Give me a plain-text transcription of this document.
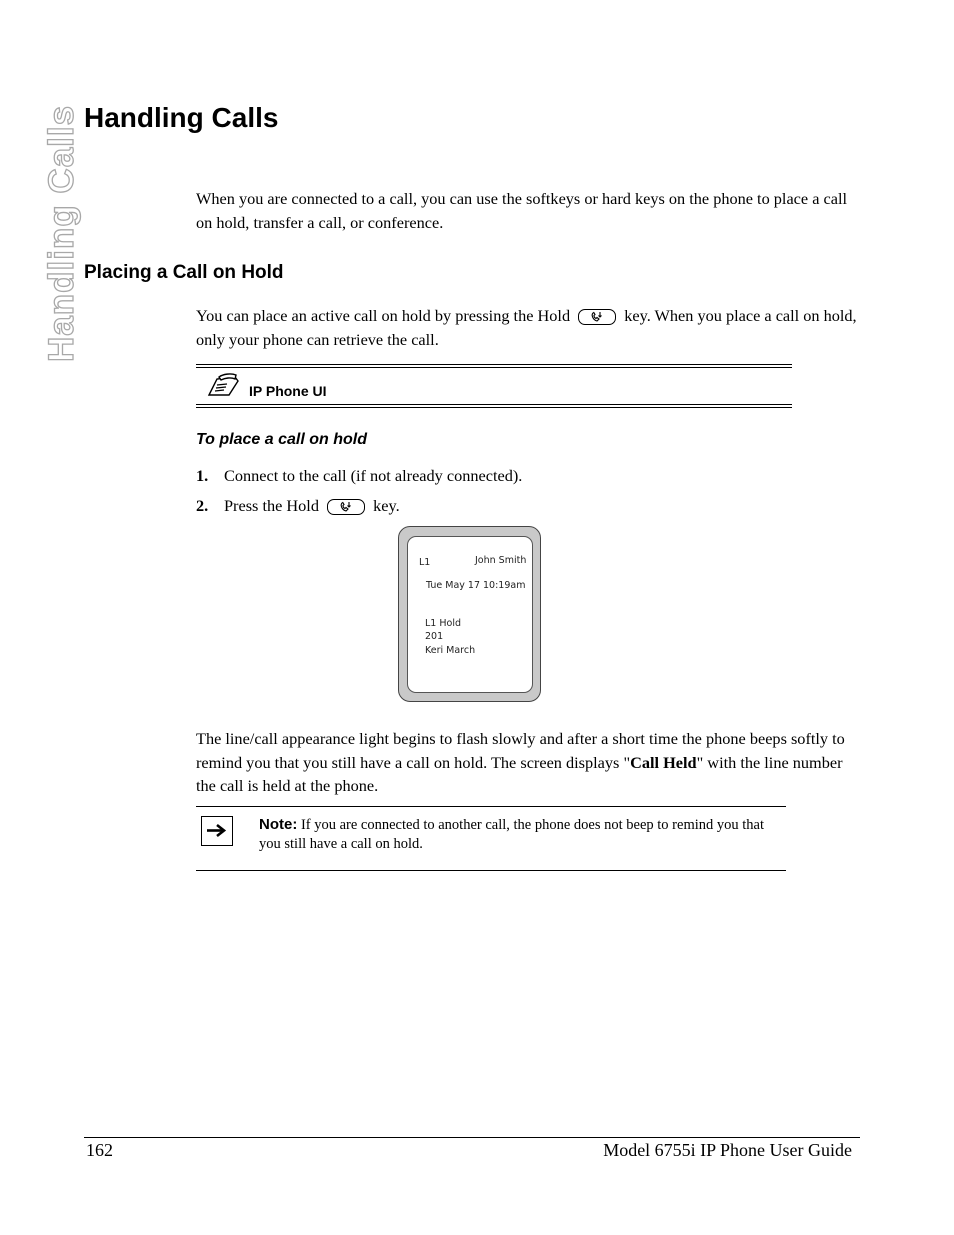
Handling Calls Handling Calls
When you are connected to a call, you can use the softkeys or hard keys on the phone to place a call on hold, transfer a call, or conference.
Placing a Call on Hold
You can place an active call on hold by pressing the Hold	key. When you place a call on hold, only your phone can retrieve the call.
IP Phone UI
To place a call on hold
1. Connect to the call (if not already connected).
2. Press the Hold	key.
L1	John Smith
Tue May 17 10:19am
L1 Hold
201
Keri March
The line/call appearance light begins to flash slowly and after a short time the phone beeps softly to remind you that you still have a call on hold. The screen displays "Call Held" with the line number the call is held at the phone.
Note: If you are connected to another call, the phone does not beep to remind you that you still have a call on hold.
162	Model 6755i IP Phone User Guide
